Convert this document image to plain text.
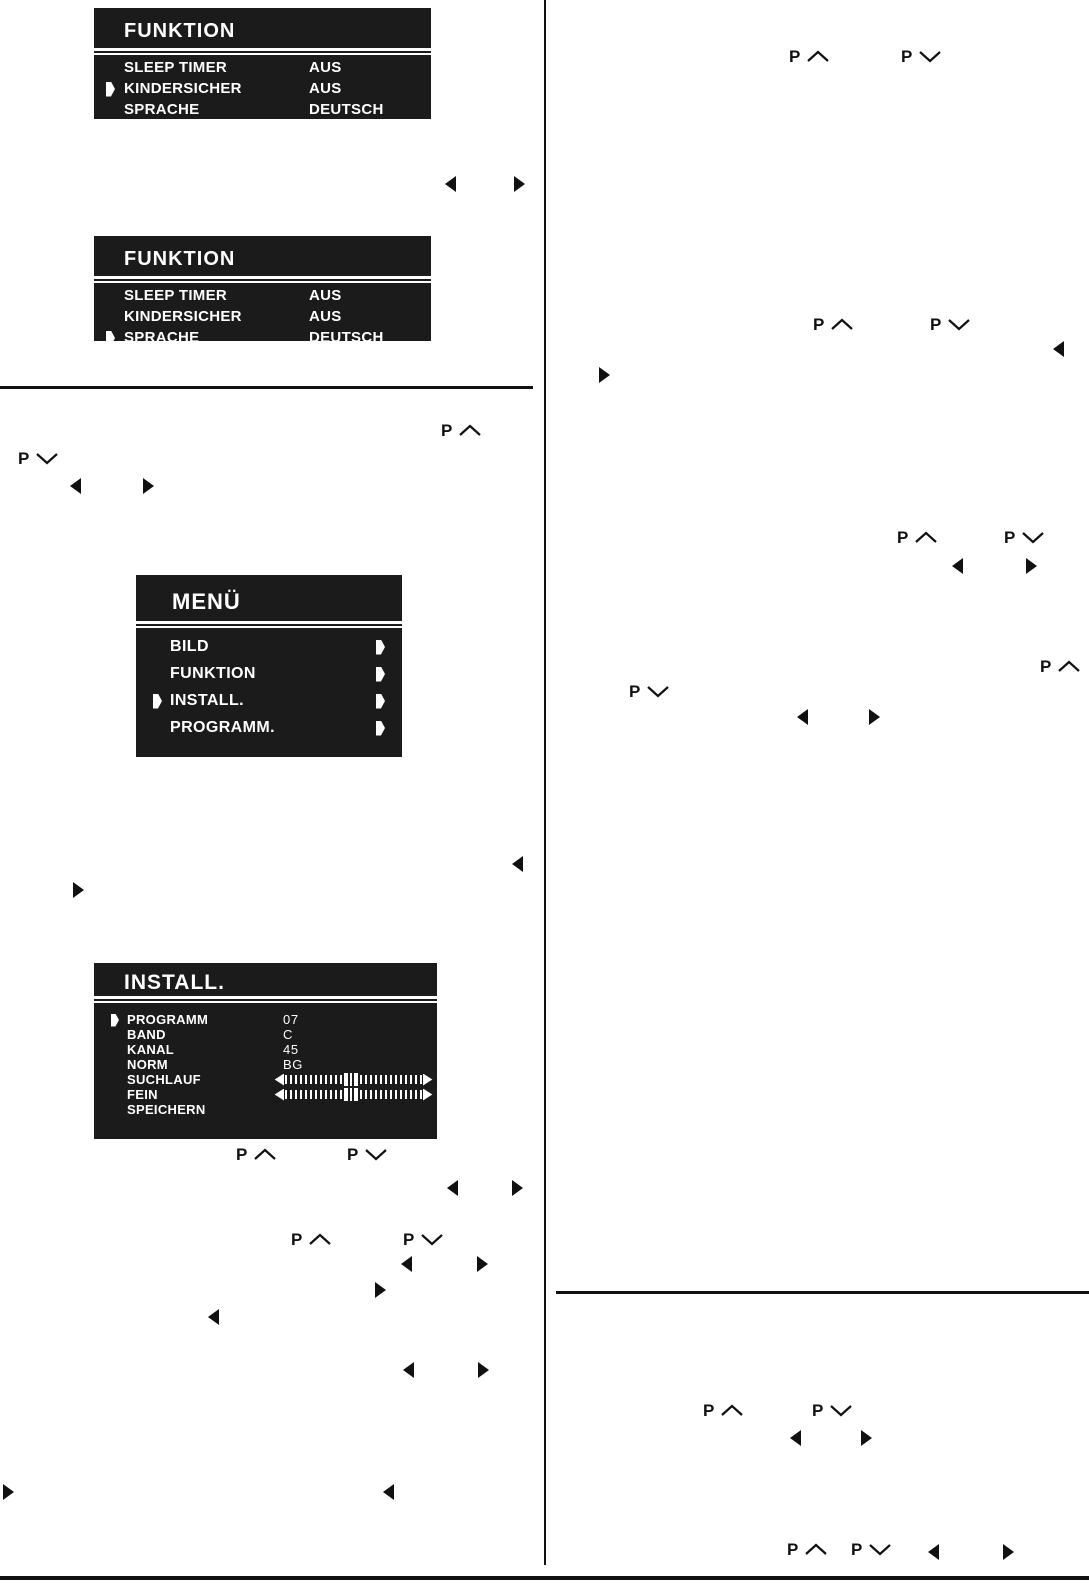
FUNKTION
SLEEP TIMER	AUS
KINDERSICHER	AUS
SPRACHE	DEUTSCH
FUNKTION
SLEEP TIMER	AUS
KINDERSICHER	AUS
SPRACHE	DEUTSCH
MENÜ
BILD
FUNKTION
INSTALL.
PROGRAMM.
INSTALL.
PROGRAMM	07
BAND	C
KANAL	45
NORM	BG
SUCHLAUF
FEIN
SPEICHERN
P
P
P	P
P	P
P	P
P	P
P	P
P
P
P	P
P	P
